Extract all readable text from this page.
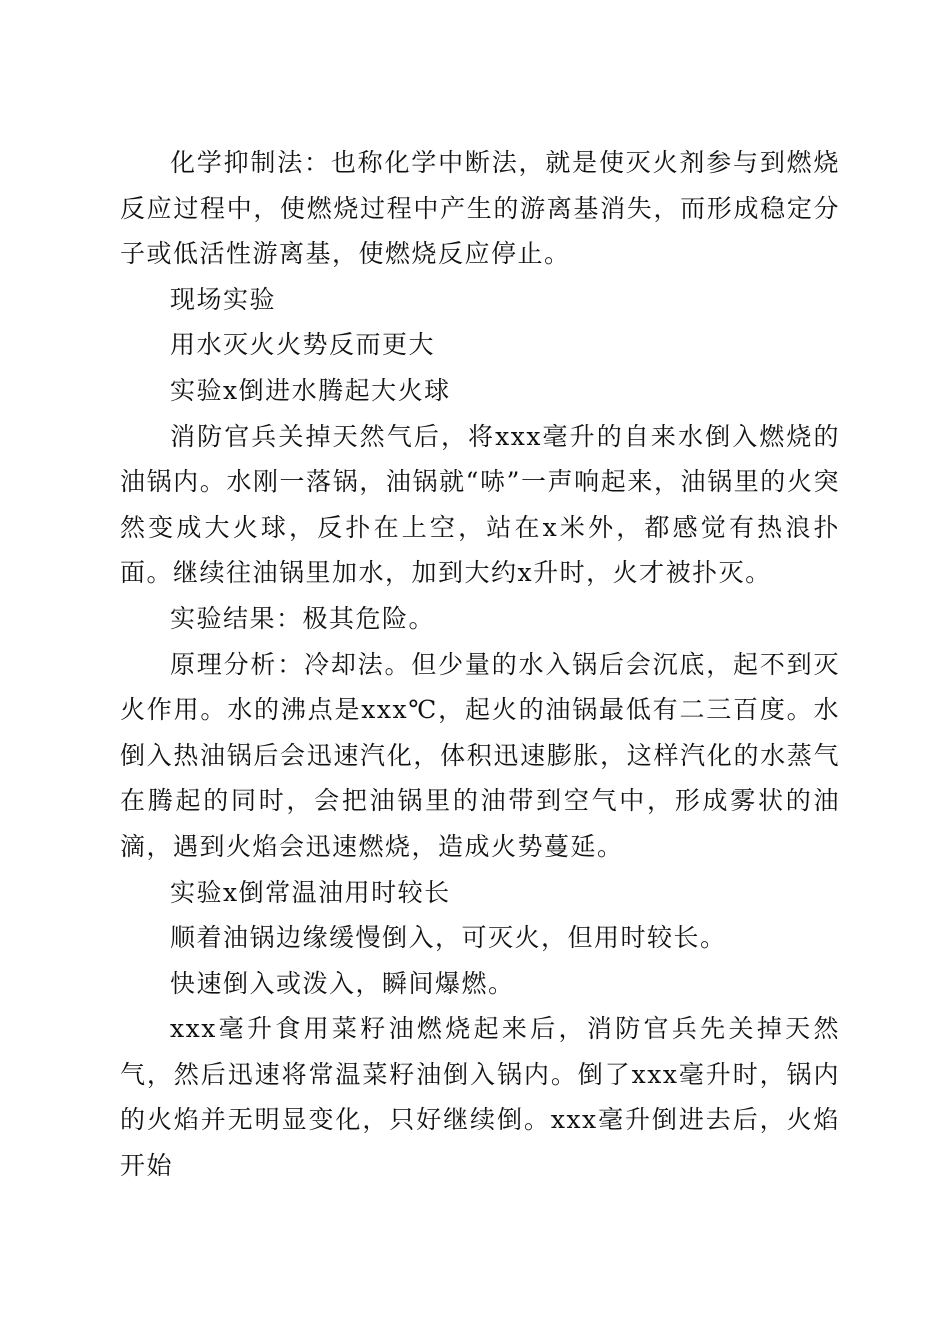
化学抑制法：也称化学中断法，就是使灭火剂参与到燃烧反应过程中，使燃烧过程中产生的游离基消失，而形成稳定分子或低活性游离基，使燃烧反应停止。

现场实验

用水灭火火势反而更大

实验x倒进水腾起大火球

消防官兵关掉天然气后，将xxx毫升的自来水倒入燃烧的油锅内。水刚一落锅，油锅就“哧”一声响起来，油锅里的火突然变成大火球，反扑在上空，站在x米外，都感觉有热浪扑面。继续往油锅里加水，加到大约x升时，火才被扑灭。

实验结果：极其危险。

原理分析：冷却法。但少量的水入锅后会沉底，起不到灭火作用。水的沸点是xxx℃，起火的油锅最低有二三百度。水倒入热油锅后会迅速汽化，体积迅速膨胀，这样汽化的水蒸气在腾起的同时，会把油锅里的油带到空气中，形成雾状的油滴，遇到火焰会迅速燃烧，造成火势蔓延。

实验x倒常温油用时较长

顺着油锅边缘缓慢倒入，可灭火，但用时较长。

快速倒入或泼入，瞬间爆燃。

xxx毫升食用菜籽油燃烧起来后，消防官兵先关掉天然气，然后迅速将常温菜籽油倒入锅内。倒了xxx毫升时，锅内的火焰并无明显变化，只好继续倒。xxx毫升倒进去后，火焰开始
